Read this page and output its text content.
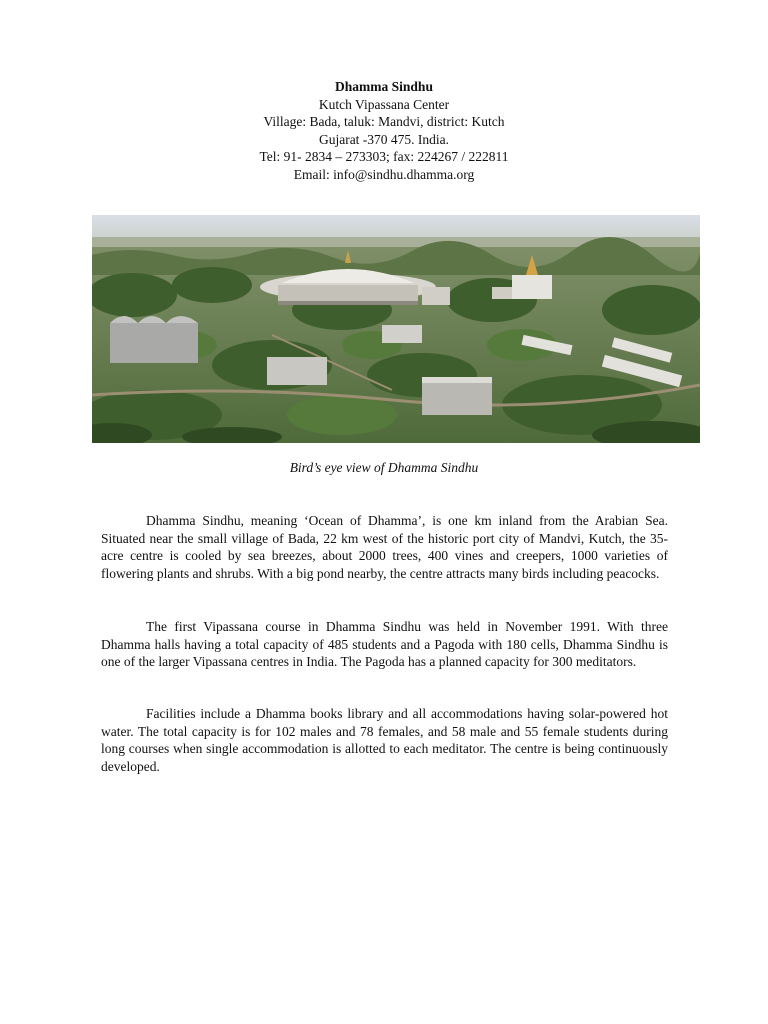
Dhamma Sindhu
Kutch Vipassana Center
Village: Bada, taluk: Mandvi, district: Kutch
Gujarat -370 475. India.
Tel: 91- 2834 – 273303; fax: 224267 / 222811
Email: info@sindhu.dhamma.org
Bird’s eye view of Dhamma Sindhu

Dhamma Sindhu, meaning ‘Ocean of Dhamma’, is one km inland from the Arabian Sea. Situated near the small village of Bada, 22 km west of the historic port city of Mandvi, Kutch, the 35-acre centre is cooled by sea breezes, about 2000 trees, 400 vines and creepers, 1000 varieties of flowering plants and shrubs. With a big pond nearby, the centre attracts many birds including peacocks.

The first Vipassana course in Dhamma Sindhu was held in November 1991. With three Dhamma halls having a total capacity of 485 students and a Pagoda with 180 cells, Dhamma Sindhu is one of the larger Vipassana centres in India. The Pagoda has a planned capacity for 300 meditators.

Facilities include a Dhamma books library and all accommodations having solar-powered hot water. The total capacity is for 102 males and 78 females, and 58 male and 55 female students during long courses when single accommodation is allotted to each meditator. The centre is being continuously developed.
